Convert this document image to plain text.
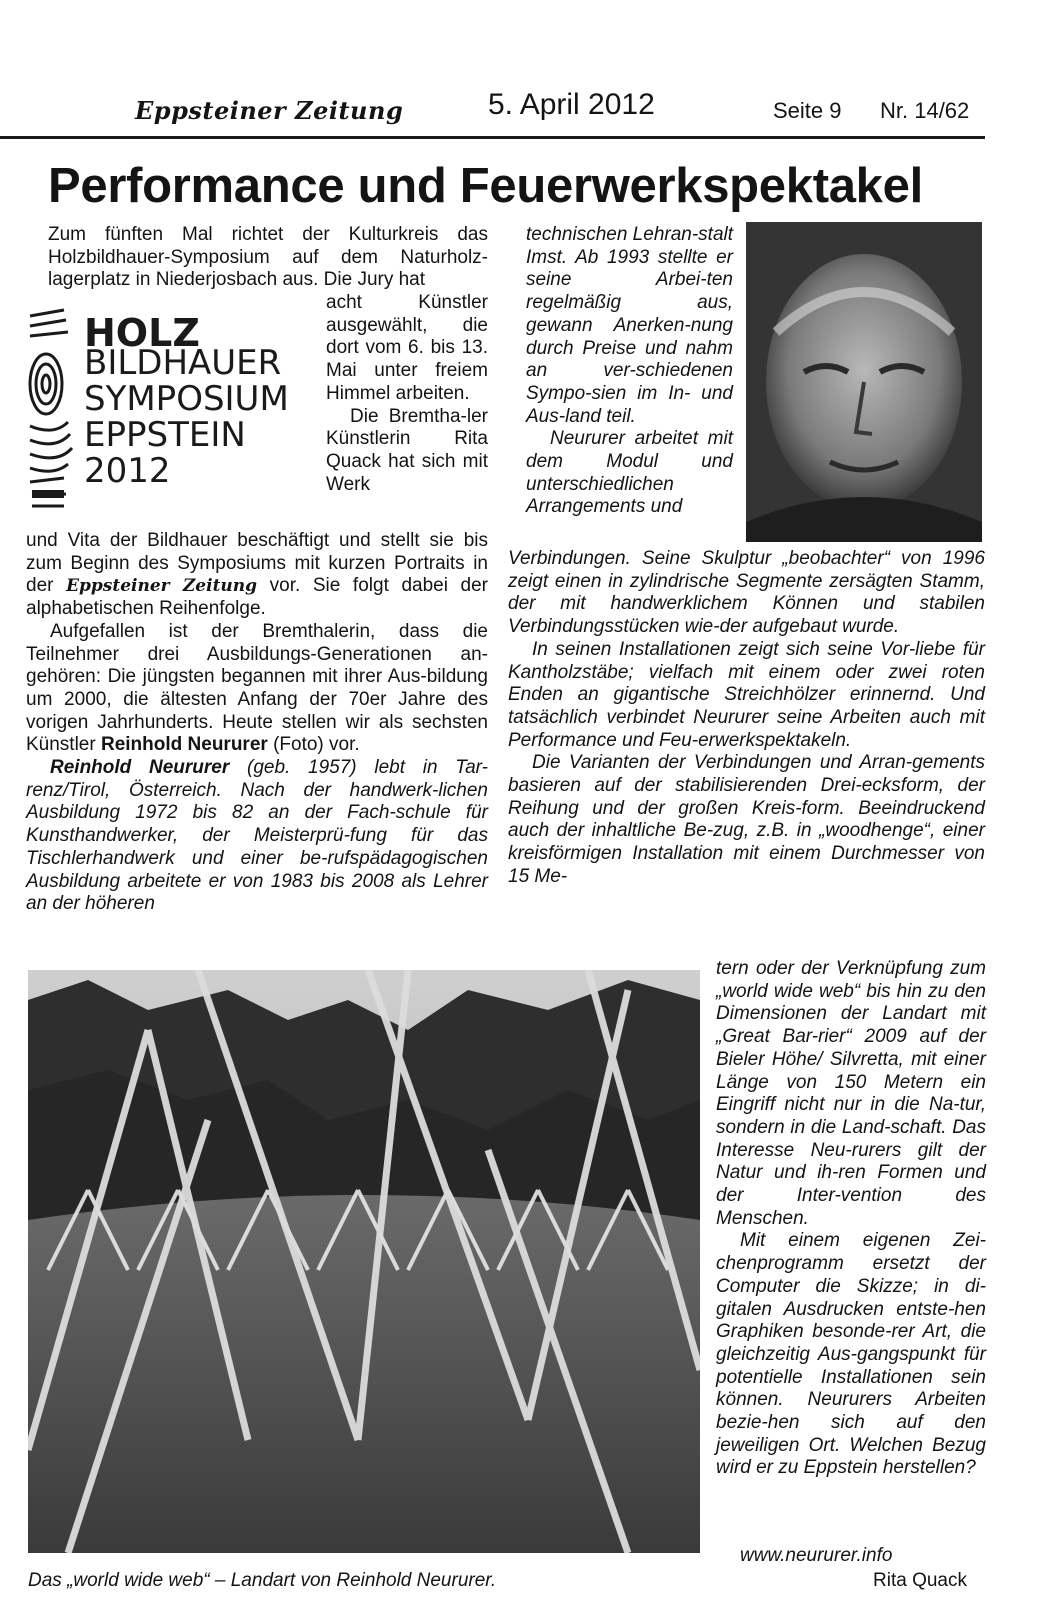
Eppsteiner Zeitung	5. April 2012	Seite 9 Nr. 14/62
Performance und Feuerwerkspektakel

Zum fünften Mal richtet der Kulturkreis das Holzbildhauer-Symposium auf dem Naturholz-lagerplatz in Niederjosbach aus. Die Jury hat

acht Künstler ausgewählt, die dort vom 6. bis 13. Mai unter freiem Himmel arbeiten.

Die Bremtha-ler Künstlerin Rita Quack hat sich mit Werk

HOLZ
BILDHAUER
SYMPOSIUM
EPPSTEIN
2012

und Vita der Bildhauer beschäftigt und stellt sie bis zum Beginn des Symposiums mit kurzen Portraits in der Eppsteiner Zeitung vor. Sie folgt dabei der alphabetischen Reihenfolge.

Aufgefallen ist der Bremthalerin, dass die Teilnehmer drei Ausbildungs-Generationen an-gehören: Die jüngsten begannen mit ihrer Aus-bildung um 2000, die ältesten Anfang der 70er Jahre des vorigen Jahrhunderts. Heute stellen wir als sechsten Künstler Reinhold Neururer (Foto) vor.

Reinhold Neururer (geb. 1957) lebt in Tar-renz/Tirol, Österreich. Nach der handwerk-lichen Ausbildung 1972 bis 82 an der Fach-schule für Kunsthandwerker, der Meisterprü-fung für das Tischlerhandwerk und einer be-rufspädagogischen Ausbildung arbeitete er von 1983 bis 2008 als Lehrer an der höheren

technischen Lehran-stalt Imst. Ab 1993 stellte er seine Arbei-ten regelmäßig aus, gewann Anerken-nung durch Preise und nahm an ver-schiedenen Sympo-sien im In- und Aus-land teil.

Neururer arbeitet mit dem Modul und unterschiedlichen Arrangements und

Verbindungen. Seine Skulptur „beobachter“ von 1996 zeigt einen in zylindrische Segmente zersägten Stamm, der mit handwerklichem Können und stabilen Verbindungsstücken wie-der aufgebaut wurde.

In seinen Installationen zeigt sich seine Vor-liebe für Kantholzstäbe; vielfach mit einem oder zwei roten Enden an gigantische Streichhölzer erinnernd. Und tatsächlich verbindet Neururer seine Arbeiten auch mit Performance und Feu-erwerkspektakeln.

Die Varianten der Verbindungen und Arran-gements basieren auf der stabilisierenden Drei-ecksform, der Reihung und der großen Kreis-form. Beeindruckend auch der inhaltliche Be-zug, z.B. in „woodhenge“, einer kreisförmigen Installation mit einem Durchmesser von 15 Me-

tern oder der Verknüpfung zum „world wide web“ bis hin zu den Dimensionen der Landart mit „Great Bar-rier“ 2009 auf der Bieler Höhe/ Silvretta, mit einer Länge von 150 Metern ein Eingriff nicht nur in die Na-tur, sondern in die Land-schaft. Das Interesse Neu-rurers gilt der Natur und ih-ren Formen und der Inter-vention des Menschen.

Mit einem eigenen Zei-chenprogramm ersetzt der Computer die Skizze; in di-gitalen Ausdrucken entste-hen Graphiken besonde-rer Art, die gleichzeitig Aus-gangspunkt für potentielle Installationen sein können. Neururers Arbeiten bezie-hen sich auf den jeweiligen Ort. Welchen Bezug wird er zu Eppstein herstellen?

www.neururer.info
Das „world wide web“ – Landart von Reinhold Neururer.	Rita Quack
